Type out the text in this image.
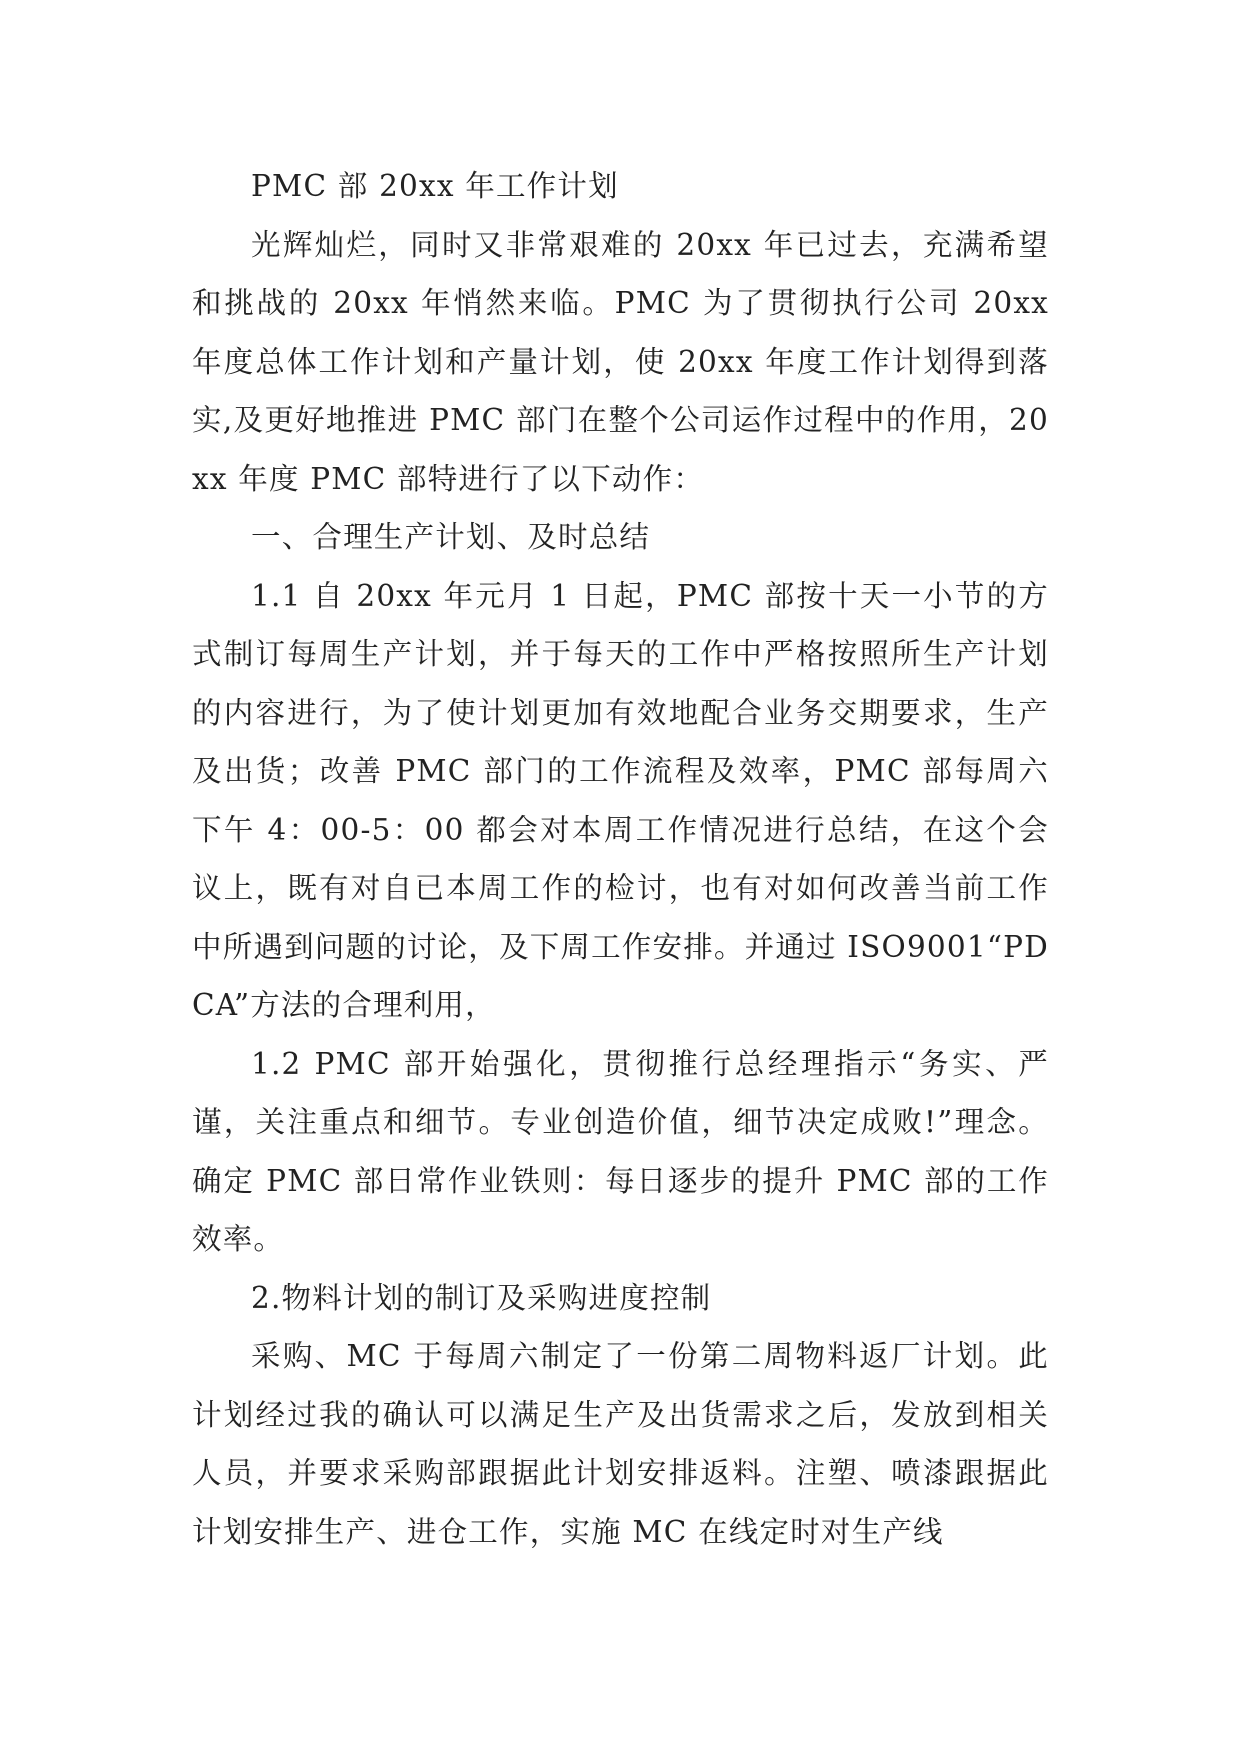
PMC 部 20xx 年工作计划

光辉灿烂，同时又非常艰难的 20xx 年已过去，充满希望和挑战的 20xx 年悄然来临。PMC 为了贯彻执行公司 20xx 年度总体工作计划和产量计划，使 20xx 年度工作计划得到落实,及更好地推进 PMC 部门在整个公司运作过程中的作用，20xx 年度 PMC 部特进行了以下动作：

一、合理生产计划、及时总结

1.1 自 20xx 年元月 1 日起，PMC 部按十天一小节的方式制订每周生产计划，并于每天的工作中严格按照所生产计划的内容进行，为了使计划更加有效地配合业务交期要求，生产及出货；改善 PMC 部门的工作流程及效率，PMC 部每周六下午 4：00-5：00 都会对本周工作情况进行总结，在这个会议上，既有对自已本周工作的检讨，也有对如何改善当前工作中所遇到问题的讨论，及下周工作安排。并通过 ISO9001“PDCA”方法的合理利用，

1.2 PMC 部开始强化，贯彻推行总经理指示“务实、严谨，关注重点和细节。专业创造价值，细节决定成败!”理念。确定 PMC 部日常作业铁则：每日逐步的提升 PMC 部的工作效率。

2.物料计划的制订及采购进度控制

采购、MC 于每周六制定了一份第二周物料返厂计划。此计划经过我的确认可以满足生产及出货需求之后，发放到相关人员，并要求采购部跟据此计划安排返料。注塑、喷漆跟据此计划安排生产、进仓工作，实施 MC 在线定时对生产线
